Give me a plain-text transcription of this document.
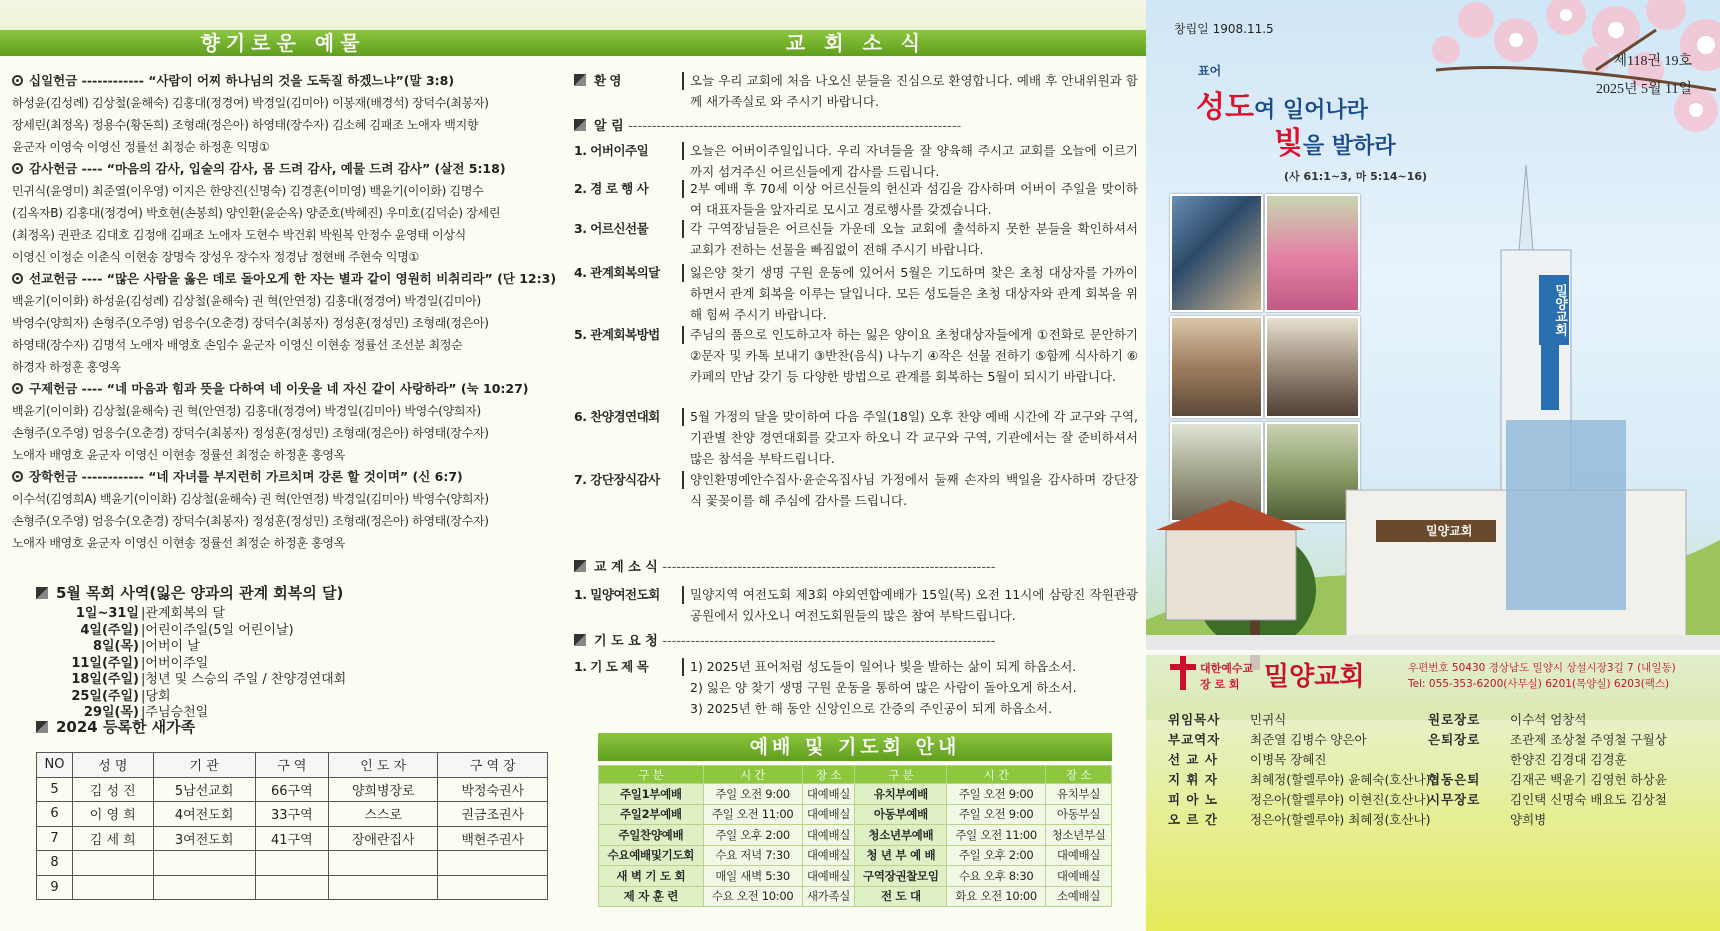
향기로운 예물
십일헌금 ------------ “사람이 어찌 하나님의 것을 도둑질 하겠느냐”(말 3:8)
하성윤(김성례) 김상철(윤해숙) 김홍대(정경여) 박경일(김미아) 이봉재(배경석) 장덕수(최봉자)
장세린(최정옥) 정용수(황돈희) 조형래(정은아) 하영태(장수자) 김소혜 김패조 노애자 백지향
윤군자 이영숙 이영신 정률선 최정순 하정훈 익명①
감사헌금 ---- “마음의 감사, 입술의 감사, 몸 드려 감사, 예물 드려 감사” (살전 5:18)
민귀식(윤영미) 최준열(이우영) 이지은 한양진(신명숙) 김경훈(이미영) 백윤기(이이화) 김명수
(김옥자B) 김홍대(정경여) 박호현(손봉희) 양인환(윤순옥) 양준호(박혜진) 우미호(김덕순) 장세린
(최정옥) 권판조 김대호 김정애 김패조 노애자 도현수 박건휘 박원복 안정수 윤영태 이상식
이영신 이정순 이춘식 이현송 장명숙 장성우 장수자 정경남 정현배 주현숙 익명①
선교헌금 ---- “많은 사람을 옳은 데로 돌아오게 한 자는 별과 같이 영원히 비취리라” (단 12:3)
백윤기(이이화) 하성윤(김성례) 김상철(윤해숙) 권 혁(안연정) 김홍대(정경여) 박경일(김미아)
박영수(양희자) 손형주(오주영) 엄응수(오춘경) 장덕수(최봉자) 정성훈(정성민) 조형래(정은아)
하영태(장수자) 김명석 노애자 배영호 손임수 윤군자 이영신 이현송 정률선 조선분 최정순
하경자 하정훈 홍영옥
구제헌금 ---- “네 마음과 힘과 뜻을 다하여 네 이웃을 네 자신 같이 사랑하라” (눅 10:27)
백윤기(이이화) 김상철(윤해숙) 권 혁(안연정) 김홍대(정경여) 박경일(김미아) 박영수(양희자)
손형주(오주영) 엄응수(오춘경) 장덕수(최봉자) 정성훈(정성민) 조형래(정은아) 하영태(장수자)
노애자 배영호 윤군자 이영신 이현송 정률선 최정순 하정훈 홍영옥
장학헌금 ------------ “네 자녀를 부지런히 가르치며 강론 할 것이며” (신 6:7)
이수석(김영희A) 백윤기(이이화) 김상철(윤해숙) 권 혁(안연정) 박경일(김미아) 박영수(양희자)
손형주(오주영) 엄응수(오춘경) 장덕수(최봉자) 정성훈(정성민) 조형래(정은아) 하영태(장수자)
노애자 배영호 윤군자 이영신 이현송 정률선 최정순 하정훈 홍영옥
5월 목회 사역(잃은 양과의 관계 회복의 달)
1일~31일 | 관계회복의 달
4일(주일) | 어린이주일(5일 어린이날)
8일(목) | 어버이 날
11일(주일) | 어버이주일
18일(주일) | 청년 및 스승의 주일 / 찬양경연대회
25일(주일) | 당회
29일(목) | 주님승천일
2024 등록한 새가족
NO	성 명	기 관	구 역	인 도 자	구 역 장
5	김 성 진	5남선교회	66구역	양희병장로	박정숙권사
6	이 영 희	4여전도회	33구역	스스로	권금조권사
7	김 세 희	3여전도회	41구역	장애란집사	백현주권사
8					
9					
교 회 소 식
환 영	오늘 우리 교회에 처음 나오신 분들을 진심으로 환영합니다. 예배 후 안내위원과 함께 새가족실로 와 주시기 바랍니다.
알 림 -----------------------------------------------------------------------
1. 어버이주일	오늘은 어버이주일입니다. 우리 자녀들을 잘 양육해 주시고 교회를 오늘에 이르기까지 섬겨주신 어르신들에게 감사를 드립니다.
2. 경 로 행 사	2부 예배 후 70세 이상 어르신들의 헌신과 섬김을 감사하며 어버이 주일을 맞이하여 대표자들을 앞자리로 모시고 경로행사를 갖겠습니다.
3. 어르신선물	각 구역장님들은 어르신들 가운데 오늘 교회에 출석하지 못한 분들을 확인하셔서 교회가 전하는 선물을 빠짐없이 전해 주시기 바랍니다.
4. 관계회복의달	잃은양 찾기 생명 구원 운동에 있어서 5월은 기도하며 찾은 초청 대상자를 가까이 하면서 관계 회복을 이루는 달입니다. 모든 성도들은 초청 대상자와 관계 회복을 위해 힘써 주시기 바랍니다.
5. 관계회복방법	주님의 품으로 인도하고자 하는 잃은 양이요 초청대상자들에게 ①전화로 문안하기 ②문자 및 카톡 보내기 ③반찬(음식) 나누기 ④작은 선물 전하기 ⑤함께 식사하기 ⑥카페의 만남 갖기 등 다양한 방법으로 관계를 회복하는 5월이 되시기 바랍니다.
6. 찬양경연대회	5월 가정의 달을 맞이하여 다음 주일(18일) 오후 찬양 예배 시간에 각 교구와 구역, 기관별 찬양 경연대회를 갖고자 하오니 각 교구와 구역, 기관에서는 잘 준비하셔서 많은 참석을 부탁드립니다.
7. 강단장식감사	양인환명예안수집사·윤순옥집사님 가정에서 둘째 손자의 백일을 감사하며 강단장식 꽃꽂이를 해 주심에 감사를 드립니다.
교 계 소 식 -----------------------------------------------------------------------
1. 밀양여전도회	밀양지역 여전도회 제3회 야외연합예배가 15일(목) 오전 11시에 삼랑진 작원관광공원에서 있사오니 여전도회원들의 많은 참여 부탁드립니다.
기 도 요 청 -----------------------------------------------------------------------
1. 기 도 제 목	1) 2025년 표어처럼 성도들이 일어나 빛을 발하는 삶이 되게 하옵소서.
2) 잃은 양 찾기 생명 구원 운동을 통하여 많은 사람이 돌아오게 하소서.
3) 2025년 한 해 동안 신앙인으로 간증의 주인공이 되게 하옵소서.
예배 및 기도회 안내
구 분	시 간	장 소	구 분	시 간	장 소
주일1부예배	주일 오전 9:00	대예배실	유치부예배	주일 오전 9:00	유치부실
주일2부예배	주일 오전 11:00	대예배실	아동부예배	주일 오전 9:00	아동부실
주일찬양예배	주일 오후 2:00	대예배실	청소년부예배	주일 오전 11:00	청소년부실
수요예배및기도회	수요 저녁 7:30	대예배실	청 년 부 예 배	주일 오후 2:00	대예배실
새 벽 기 도 회	매일 새벽 5:30	대예배실	구역장권찰모임	수요 오후 8:30	대예배실
제 자 훈 련	수요 오전 10:00	새가족실	전 도 대	화요 오전 10:00	소예배실
창립일 1908.11.5
제118권 19호
2025년 5월 11일
표어
성도여 일어나라
빛을 발하라
(사 61:1~3, 마 5:14~16)
밀양교회
밀양교회
대한예수교
장 로 회 밀양교회	우편번호 50430 경상남도 밀양시 상설시장3길 7 (내일동)
Tel: 055-353-6200(사무실) 6201(목양실) 6203(팩스)
위임목사	민귀식
부교역자	최준열 김병수 양은아
선 교 사	이병목 장혜진
지 휘 자	최혜정(할렐루야) 윤혜숙(호산나)
피 아 노	정은아(할렐루야) 이현진(호산나)
오 르 간	정은아(할렐루야) 최혜정(호산나)
원로장로	이수석 엄창석
은퇴장로	조관제 조상철 주영철 구월상
한양진 김경대 김경훈
협동은퇴	김재곤 백윤기 김영헌 하상윤
시무장로	김인택 신명숙 배요도 김상철
양희병
